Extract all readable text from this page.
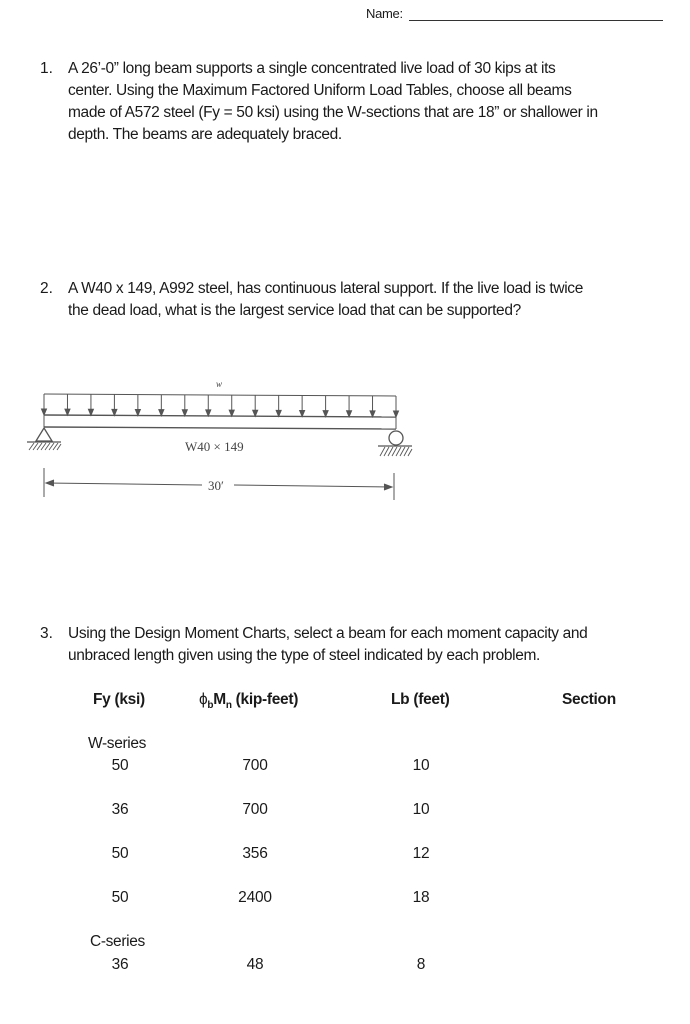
Name:
1. A 26’-0” long beam supports a single concentrated live load of 30 kips at its
center. Using the Maximum Factored Uniform Load Tables, choose all beams
made of A572 steel (Fy = 50 ksi) using the W-sections that are 18” or shallower in
depth. The beams are adequately braced.
2. A W40 x 149, A992 steel, has continuous lateral support. If the live load is twice
the dead load, what is the largest service load that can be supported?
w
W40 × 149
30′
3. Using the Design Moment Charts, select a beam for each moment capacity and
unbraced length given using the type of steel indicated by each problem.
Fy (ksi)	$\phi_bM_n$ (kip-feet)	Lb (feet)	Section
W-series
50	700	10
36	700	10
50	356	12
50	2400	18
C-series
36	48	8
